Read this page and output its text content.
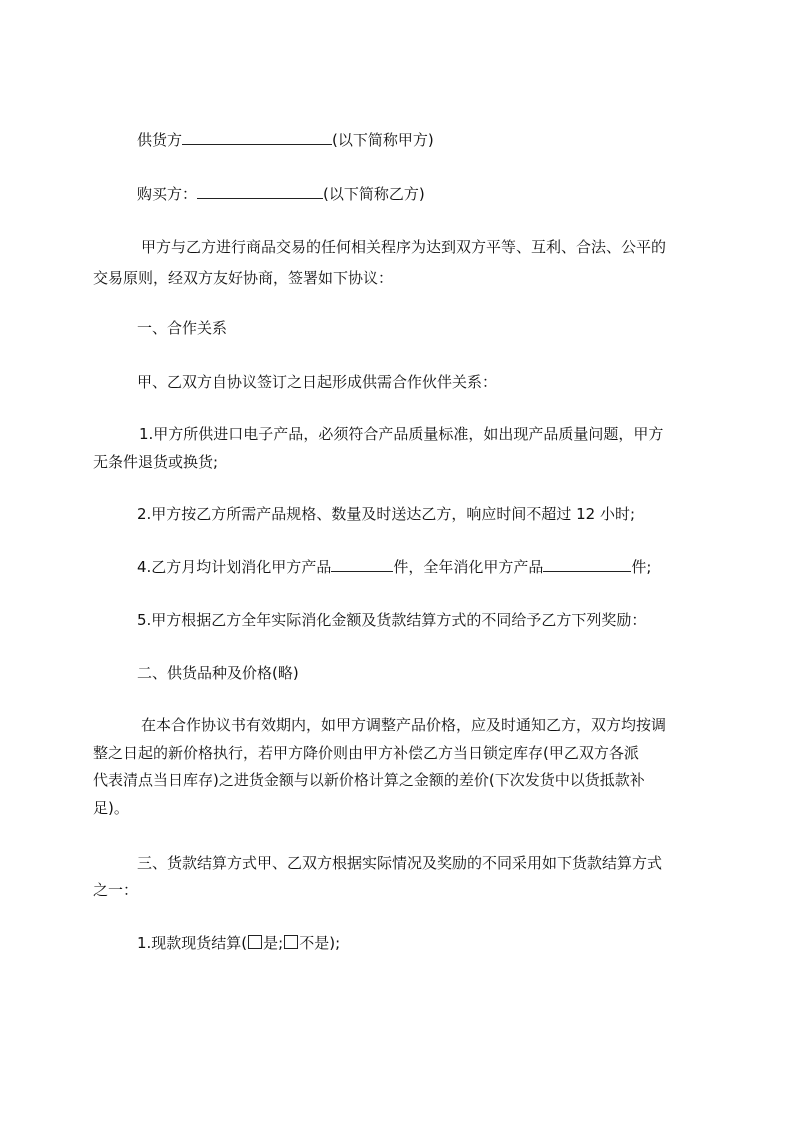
供货方	(以下简称甲方)
购买方：	(以下简称乙方)
甲方与乙方进行商品交易的任何相关程序为达到双方平等、互利、合法、公平的
交易原则，经双方友好协商，签署如下协议：
一、合作关系
甲、乙双方自协议签订之日起形成供需合作伙伴关系：
1.甲方所供进口电子产品，必须符合产品质量标准，如出现产品质量问题，甲方
无条件退货或换货;
2.甲方按乙方所需产品规格、数量及时送达乙方，响应时间不超过 12 小时;
4.乙方月均计划消化甲方产品	件，全年消化甲方产品	件;
5.甲方根据乙方全年实际消化金额及货款结算方式的不同给予乙方下列奖励：
二、供货品种及价格(略)
在本合作协议书有效期内，如甲方调整产品价格，应及时通知乙方，双方均按调
整之日起的新价格执行，若甲方降价则由甲方补偿乙方当日锁定库存(甲乙双方各派
代表清点当日库存)之进货金额与以新价格计算之金额的差价(下次发货中以货抵款补
足)。
三、货款结算方式甲、乙双方根据实际情况及奖励的不同采用如下货款结算方式
之一：
1.现款现货结算( 是; 不是);
